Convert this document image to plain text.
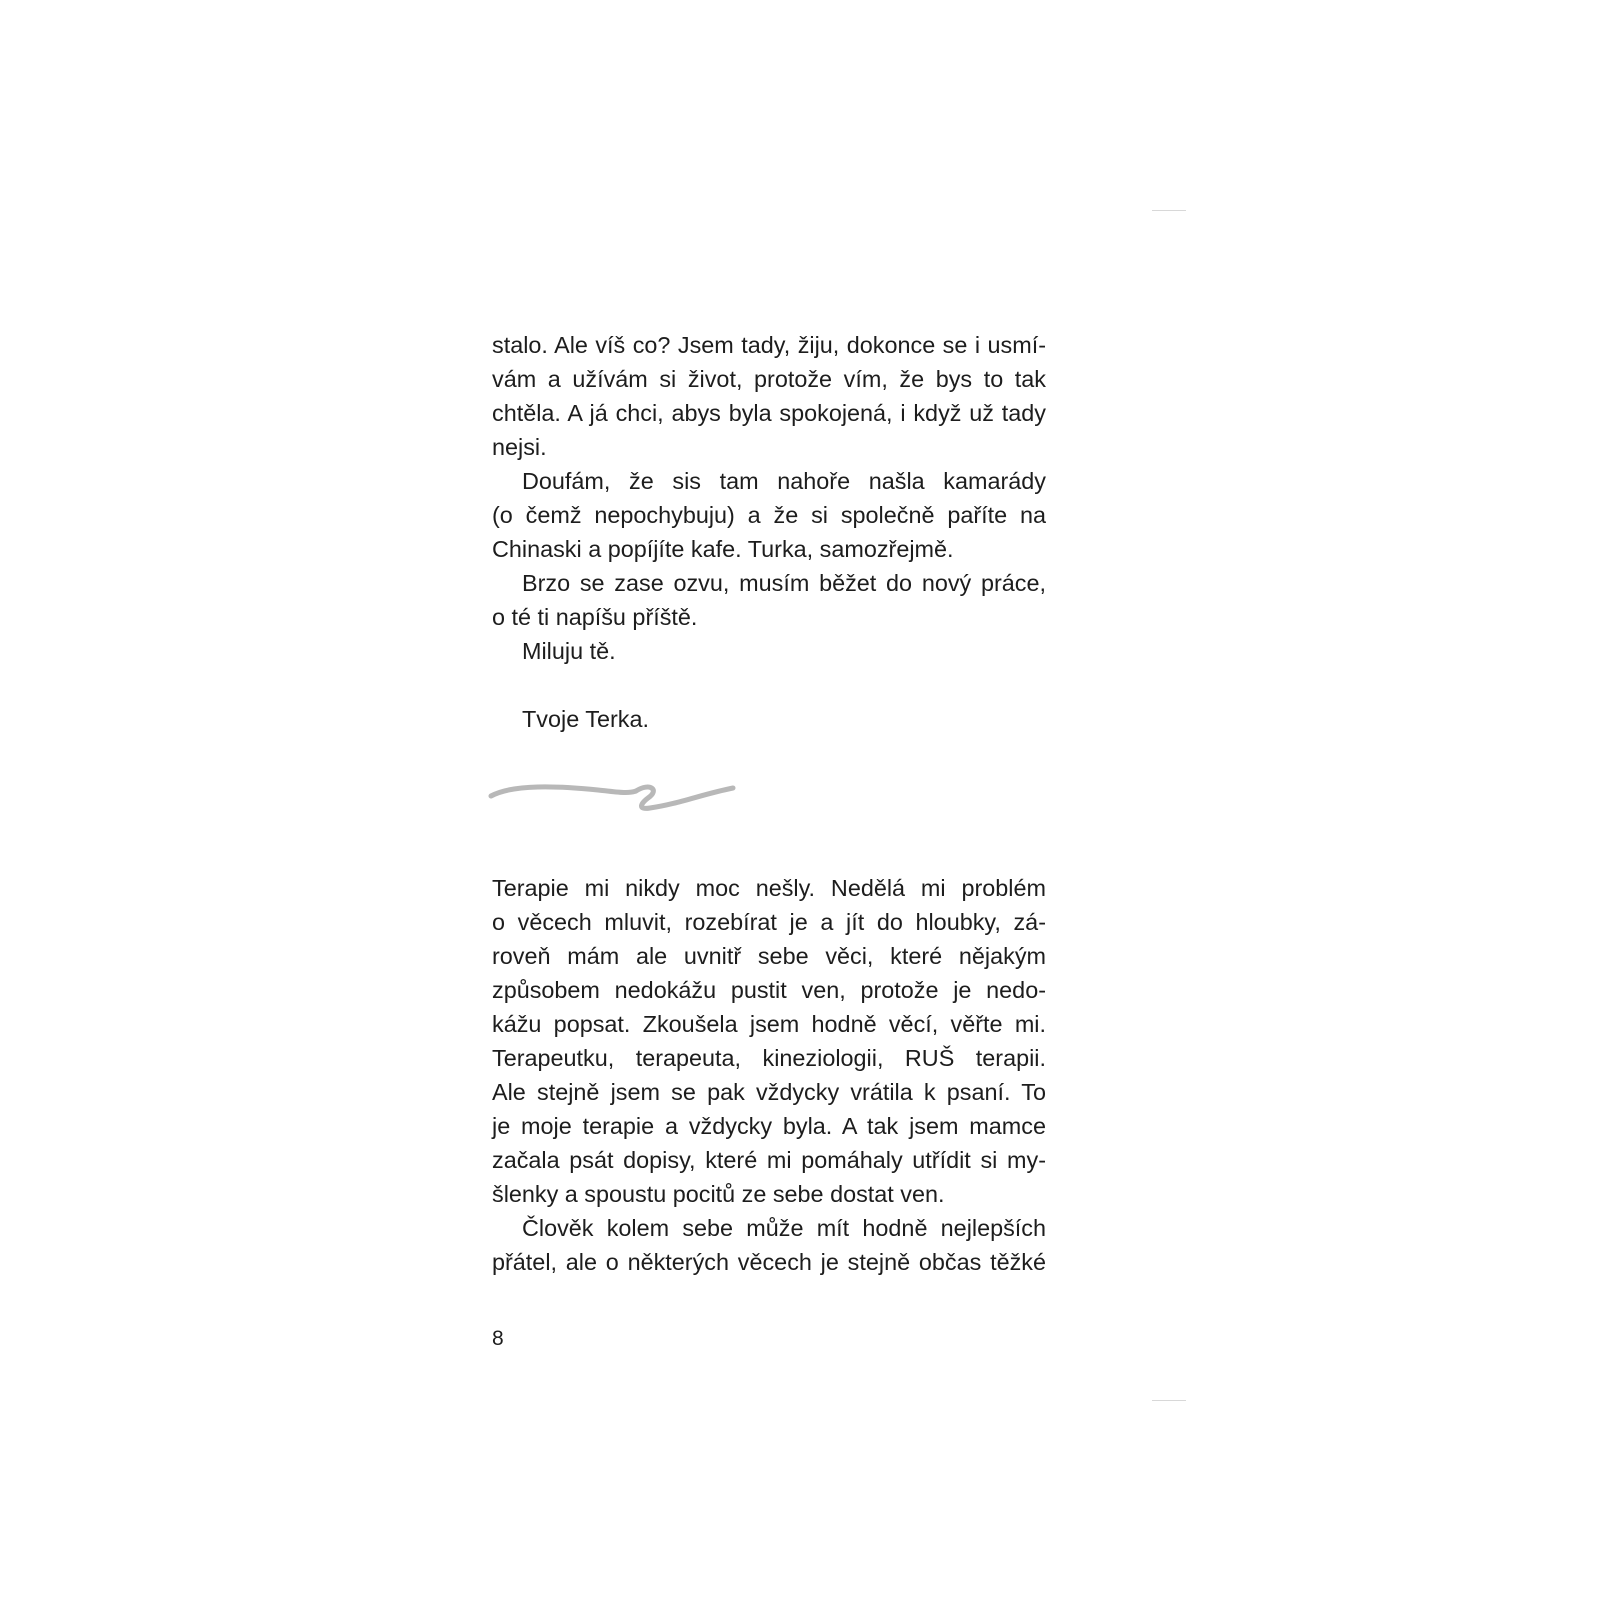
stalo. Ale víš co? Jsem tady, žiju, dokonce se i usmí-
vám a užívám si život, protože vím, že bys to tak
chtěla. A já chci, abys byla spokojená, i když už tady
nejsi.
Doufám, že sis tam nahoře našla kamarády
(o čemž nepochybuju) a že si společně paříte na
Chinaski a popíjíte kafe. Turka, samozřejmě.
Brzo se zase ozvu, musím běžet do nový práce,
o té ti napíšu příště.
Miluju tě.
Tvoje Terka.
Terapie mi nikdy moc nešly. Nedělá mi problém
o věcech mluvit, rozebírat je a jít do hloubky, zá-
roveň mám ale uvnitř sebe věci, které nějakým
způsobem nedokážu pustit ven, protože je nedo-
kážu popsat. Zkoušela jsem hodně věcí, věřte mi.
Terapeutku, terapeuta, kineziologii, RUŠ terapii.
Ale stejně jsem se pak vždycky vrátila k psaní. To
je moje terapie a vždycky byla. A tak jsem mamce
začala psát dopisy, které mi pomáhaly utřídit si my-
šlenky a spoustu pocitů ze sebe dostat ven.
Člověk kolem sebe může mít hodně nejlepších
přátel, ale o některých věcech je stejně občas těžké
8
